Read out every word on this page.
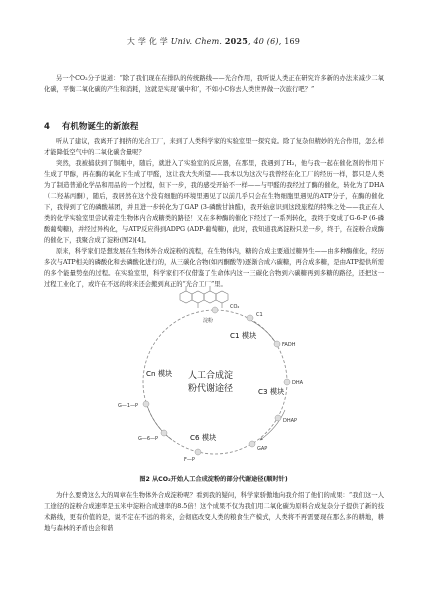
大 学 化 学 Univ. Chem. 2025, 40 (6), 169

另一个CO₂分子说道：“除了我们现在在排队的传统路线——光合作用，我听说人类正在研究许多新的办法来减少二氧化碳，平衡二氧化碳的产生和消耗，这就是实现‘碳中和’，不如小C你去人类世界做一次旅行吧？”

4 有机物诞生的新旅程

听从了建议，我离开了拥挤的光合工厂，来到了人类科学家的实验室里一探究竟。除了复杂但精妙的光合作用，怎么样才能降低空气中的二氧化碳含量呢？

突然，我被捕获到了铜瓶中，随后，就进入了实验室的反应器，在那里，我遇到了H₂，他与我一起在催化剂的作用下生成了甲醇，再在酶的氧化下生成了甲醛，这让我大失所望——我本以为这次与我曾经在化工厂的经历一样，都只是人类为了制造普通化学品和用品的一个过程，但下一步，我的感受开始不一样——与甲醛的我经过了酶的催化，转化为了DHA（二羟基丙酮），随后，我居然在这个没有细胞的环境里遇见了以前几乎只会在生物细胞里遇见的ATP分子，在酶的催化下，我得到了它的磷酸基团，并且进一步转化为了GAP (3-磷酸甘油醛)，我开始意识到这段旅程的特殊之处——我正在人类的化学实验室里尝试着走生物体内合成糖类的路径！又在多种酶的催化下经过了一系列转化，我终于变成了G-6-P (6-磷酸葡萄糖)，并经过异构化，与ATP反应得到ADPG (ADP-葡萄糖)，此时，我知道我离淀粉只差一步，终于，在淀粉合成酶的催化下，我聚合成了淀粉(图2)[4]。

原来，科学家们是想发展在生物体外合成淀粉的流程，在生物体内，糖的合成主要通过糖异生——由多种酶催化，经历多次与ATP相关的磷酸化和去磷酸化进行的，从三碳化合物(如丙酮酸等)逐渐合成六碳糖，再合成多糖，是由ATP提供所需的多个能量势垒的过程。在实验室里，科学家们不仅借鉴了生命体内这一三碳化合物到六碳糖再到多糖的路径，还把这一过程工业化了，或许在不远的将来还会搬到真正的“光合工厂”里。

淀粉
CO₂
C1
FADH
DHA
DHAP
GAP
F—P
G—6—P
G—1—P
C1 模块
C3 模块
C6 模块
Cn 模块 人工合成淀
粉代谢途径
图2 从CO₂开始人工合成淀粉的部分代谢途径(顺时针)

为什么要费这么大的周章在生物体外合成淀粉呢？看到我的疑问，科学家骄傲地向我介绍了他们的成果：“我们这一人工途径的淀粉合成速率是玉米中淀粉合成速率的8.5倍！这个成果不仅为我们用二氧化碳为原料合成复杂分子提供了新的技术路线，更有价值的是，说不定在不远的将来，会彻底改变人类的粮食生产模式，人类将不再需要现在那么多的耕地，耕地与森林的矛盾也会和谐
